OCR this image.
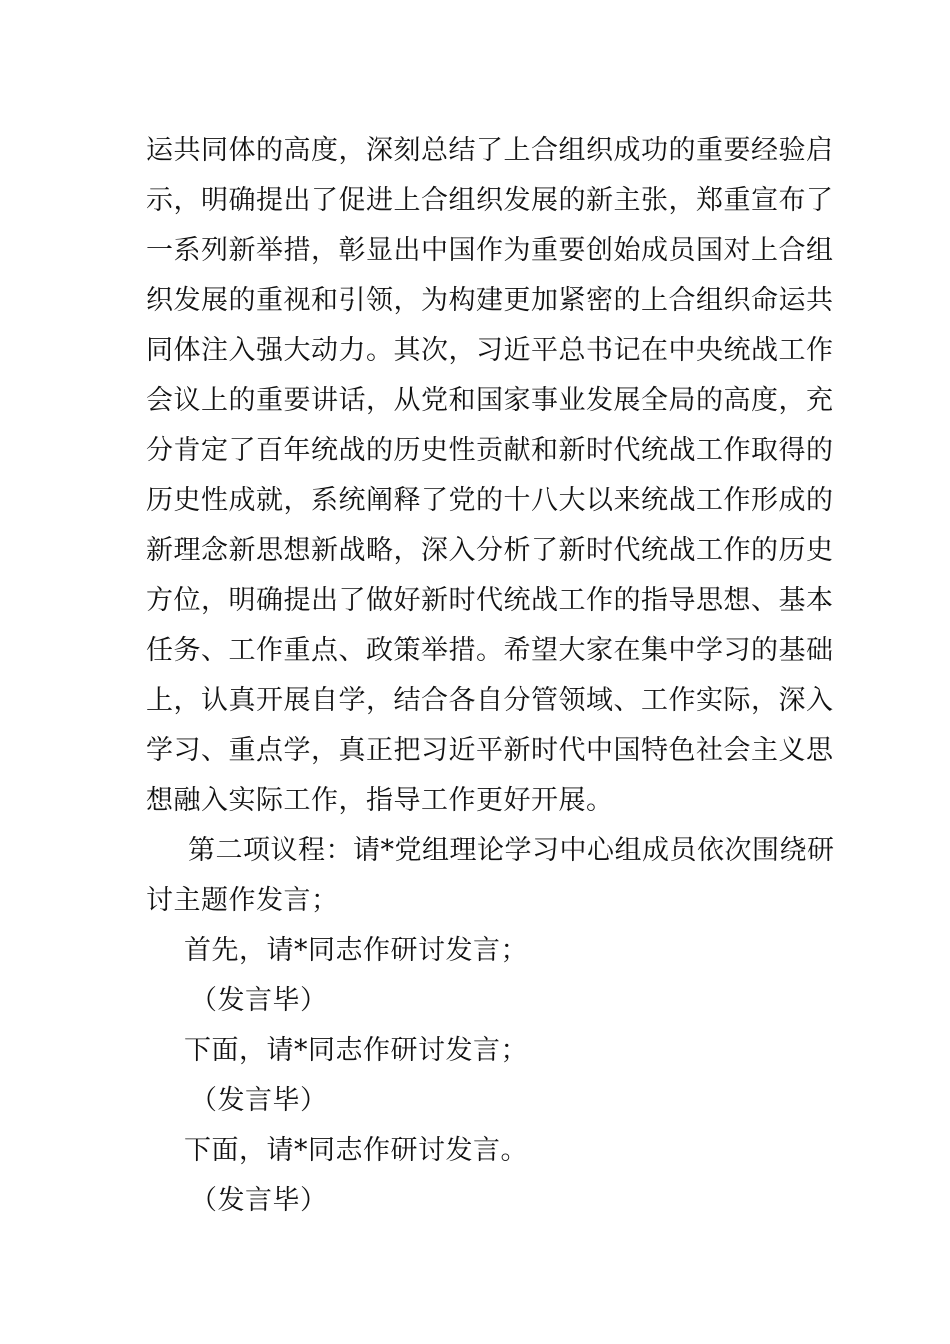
运共同体的高度，深刻总结了上合组织成功的重要经验启
示，明确提出了促进上合组织发展的新主张，郑重宣布了
一系列新举措，彰显出中国作为重要创始成员国对上合组
织发展的重视和引领，为构建更加紧密的上合组织命运共
同体注入强大动力。其次，习近平总书记在中央统战工作
会议上的重要讲话，从党和国家事业发展全局的高度，充
分肯定了百年统战的历史性贡献和新时代统战工作取得的
历史性成就，系统阐释了党的十八大以来统战工作形成的
新理念新思想新战略，深入分析了新时代统战工作的历史
方位，明确提出了做好新时代统战工作的指导思想、基本
任务、工作重点、政策举措。希望大家在集中学习的基础
上，认真开展自学，结合各自分管领域、工作实际，深入
学习、重点学，真正把习近平新时代中国特色社会主义思
想融入实际工作，指导工作更好开展。
第二项议程：请*党组理论学习中心组成员依次围绕研
讨主题作发言；
首先，请*同志作研讨发言；
（发言毕）
下面，请*同志作研讨发言；
（发言毕）
下面，请*同志作研讨发言。
（发言毕）
